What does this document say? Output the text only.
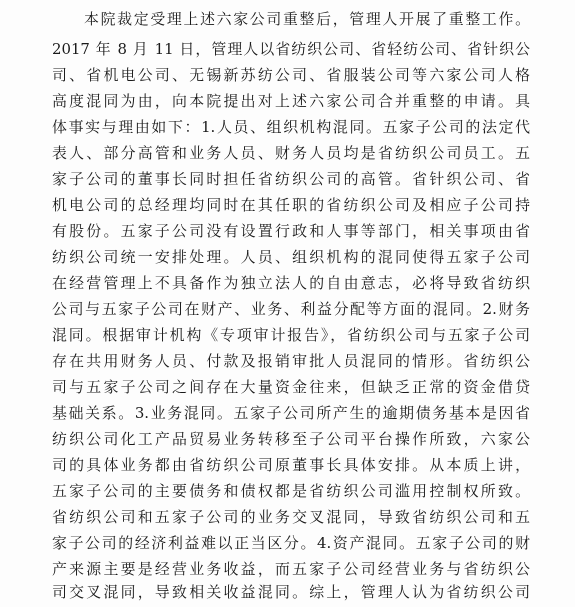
本院裁定受理上述六家公司重整后，管理人开展了重整工作。
2017 年 8 月 11 日，管理人以省纺织公司、省轻纺公司、省针织公
司、省机电公司、无锡新苏纺公司、省服装公司等六家公司人格
高度混同为由，向本院提出对上述六家公司合并重整的申请。具
体事实与理由如下：1.人员、组织机构混同。五家子公司的法定代
表人、部分高管和业务人员、财务人员均是省纺织公司员工。五
家子公司的董事长同时担任省纺织公司的高管。省针织公司、省
机电公司的总经理均同时在其任职的省纺织公司及相应子公司持
有股份。五家子公司没有设置行政和人事等部门，相关事项由省
纺织公司统一安排处理。人员、组织机构的混同使得五家子公司
在经营管理上不具备作为独立法人的自由意志，必将导致省纺织
公司与五家子公司在财产、业务、利益分配等方面的混同。2.财务
混同。根据审计机构《专项审计报告》，省纺织公司与五家子公司
存在共用财务人员、付款及报销审批人员混同的情形。省纺织公
司与五家子公司之间存在大量资金往来，但缺乏正常的资金借贷
基础关系。3.业务混同。五家子公司所产生的逾期债务基本是因省
纺织公司化工产品贸易业务转移至子公司平台操作所致，六家公
司的具体业务都由省纺织公司原董事长具体安排。从本质上讲，
五家子公司的主要债务和债权都是省纺织公司滥用控制权所致。
省纺织公司和五家子公司的业务交叉混同，导致省纺织公司和五
家子公司的经济利益难以正当区分。4.资产混同。五家子公司的财
产来源主要是经营业务收益，而五家子公司经营业务与省纺织公
司交叉混同，导致相关收益混同。综上，管理人认为省纺织公司
